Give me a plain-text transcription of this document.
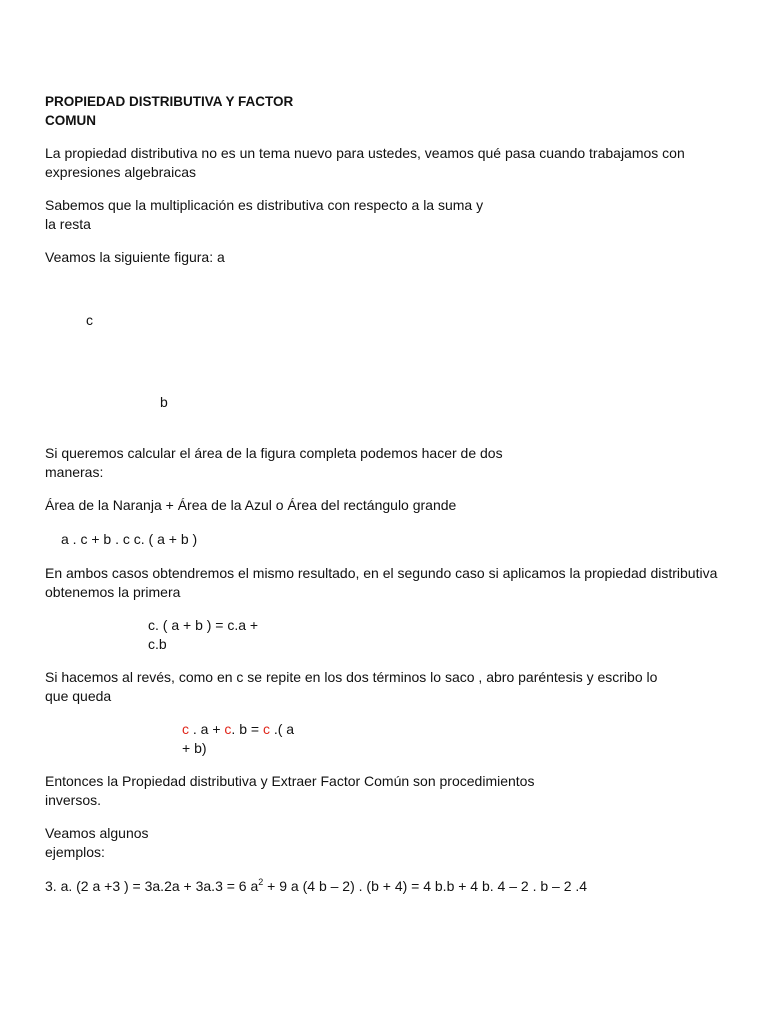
PROPIEDAD DISTRIBUTIVA Y FACTOR
COMUN
La propiedad distributiva no es un tema nuevo para ustedes, veamos qué pasa cuando trabajamos con
expresiones algebraicas
Sabemos que la multiplicación es distributiva con respecto a la suma y
la resta
Veamos la siguiente figura: a
c
b
Si queremos calcular el área de la figura completa podemos hacer de dos
maneras:
Área de la Naranja + Área de la Azul o Área del rectángulo grande
a . c + b . c c. ( a + b )
En ambos casos obtendremos el mismo resultado, en el segundo caso si aplicamos la propiedad distributiva
obtenemos la primera
c. ( a + b ) = c.a +
c.b
Si hacemos al revés, como en c se repite en los dos términos lo saco , abro paréntesis y escribo lo
que queda
c . a + c. b = c .( a
+ b)
Entonces la Propiedad distributiva y Extraer Factor Común son procedimientos
inversos.
Veamos algunos
ejemplos:
3. a. (2 a +3 ) = 3a.2a + 3a.3 = 6 $a^2 + 9$ a (4 b – 2) . (b + 4) = 4 b.b + 4 b. 4 – 2 . b – 2 .4
